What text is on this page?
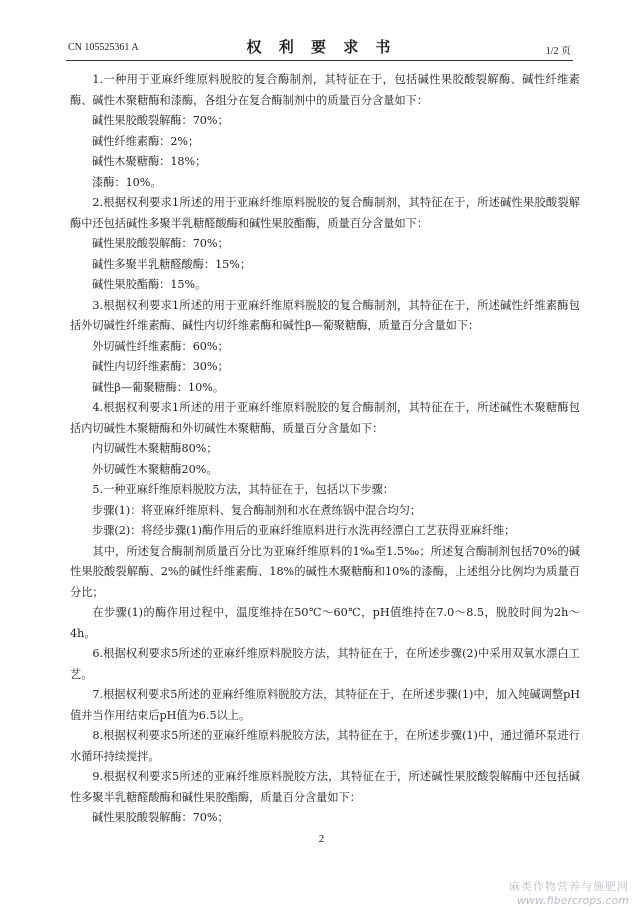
CN 105525361 A	权 利 要 求 书	1/2 页

1.一种用于亚麻纤维原料脱胶的复合酶制剂，其特征在于，包括碱性果胶酸裂解酶、碱性纤维素酶、碱性木聚糖酶和漆酶，各组分在复合酶制剂中的质量百分含量如下：

碱性果胶酸裂解酶：70%；

碱性纤维素酶：2%；

碱性木聚糖酶：18%；

漆酶：10%。

2.根据权利要求1所述的用于亚麻纤维原料脱胶的复合酶制剂，其特征在于，所述碱性果胶酸裂解酶中还包括碱性多聚半乳糖醛酸酶和碱性果胶酯酶，质量百分含量如下：

碱性果胶酸裂解酶：70%；

碱性多聚半乳糖醛酸酶：15%；

碱性果胶酯酶：15%。

3.根据权利要求1所述的用于亚麻纤维原料脱胶的复合酶制剂，其特征在于，所述碱性纤维素酶包括外切碱性纤维素酶、碱性内切纤维素酶和碱性β—葡聚糖酶，质量百分含量如下：

外切碱性纤维素酶：60%；

碱性内切纤维素酶：30%；

碱性β—葡聚糖酶：10%。

4.根据权利要求1所述的用于亚麻纤维原料脱胶的复合酶制剂，其特征在于，所述碱性木聚糖酶包括内切碱性木聚糖酶和外切碱性木聚糖酶，质量百分含量如下：

内切碱性木聚糖酶80%；

外切碱性木聚糖酶20%。

5.一种亚麻纤维原料脱胶方法，其特征在于，包括以下步骤：

步骤(1)：将亚麻纤维原料、复合酶制剂和水在煮练锅中混合均匀；

步骤(2)：将经步骤(1)酶作用后的亚麻纤维原料进行水洗再经漂白工艺获得亚麻纤维；

其中，所述复合酶制剂质量百分比为亚麻纤维原料的1‰至1.5‰；所述复合酶制剂包括70%的碱性果胶酸裂解酶、2%的碱性纤维素酶、18%的碱性木聚糖酶和10%的漆酶，上述组分比例均为质量百分比；

在步骤(1)的酶作用过程中，温度维持在50℃～60℃，pH值维持在7.0～8.5，脱胶时间为2h～4h。

6.根据权利要求5所述的亚麻纤维原料脱胶方法，其特征在于，在所述步骤(2)中采用双氧水漂白工艺。

7.根据权利要求5所述的亚麻纤维原料脱胶方法，其特征在于，在所述步骤(1)中，加入纯碱调整pH值并当作用结束后pH值为6.5以上。

8.根据权利要求5所述的亚麻纤维原料脱胶方法，其特征在于，在所述步骤(1)中，通过循环泵进行水循环持续搅拌。

9.根据权利要求5所述的亚麻纤维原料脱胶方法，其特征在于，所述碱性果胶酸裂解酶中还包括碱性多聚半乳糖醛酸酶和碱性果胶酯酶，质量百分含量如下：

碱性果胶酸裂解酶：70%；

2
麻类作物营养与施肥网
www.fibercrops.com
